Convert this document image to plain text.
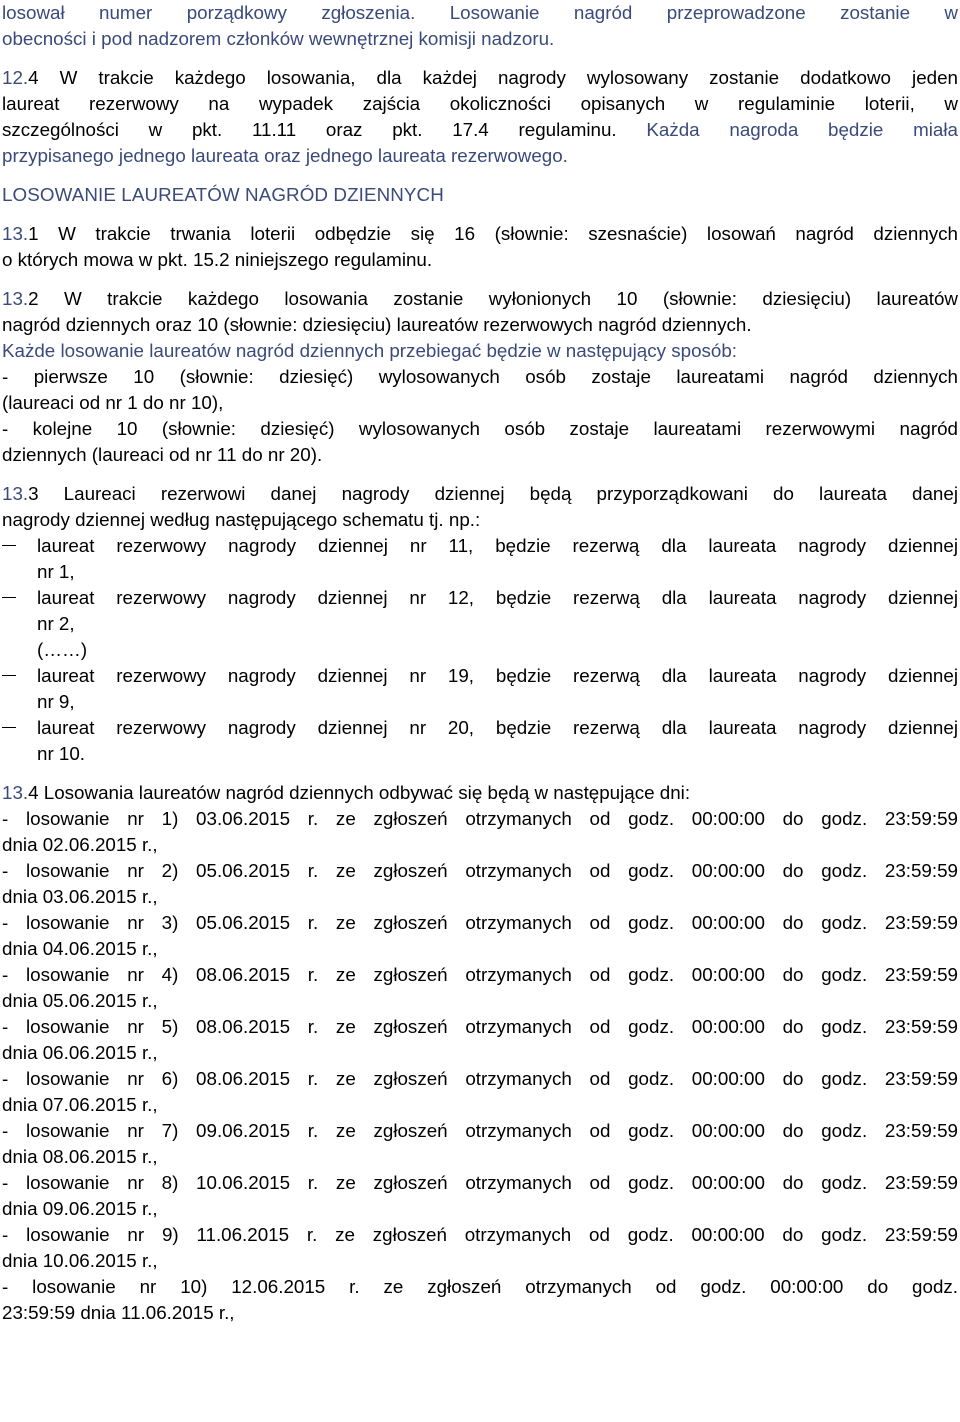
losował numer porządkowy zgłoszenia. Losowanie nagród przeprowadzone zostanie w
obecności i pod nadzorem członków wewnętrznej komisji nadzoru.
12.4 W trakcie każdego losowania, dla każdej nagrody wylosowany zostanie dodatkowo jeden
laureat rezerwowy na wypadek zajścia okoliczności opisanych w regulaminie loterii, w
szczególności w pkt. 11.11 oraz pkt. 17.4 regulaminu. Każda nagroda będzie miała
przypisanego jednego laureata oraz jednego laureata rezerwowego.
LOSOWANIE LAUREATÓW NAGRÓD DZIENNYCH
13.1 W trakcie trwania loterii odbędzie się 16 (słownie: szesnaście) losowań nagród dziennych
o których mowa w pkt. 15.2 niniejszego regulaminu.
13.2 W trakcie każdego losowania zostanie wyłonionych 10 (słownie: dziesięciu) laureatów
nagród dziennych oraz 10 (słownie: dziesięciu) laureatów rezerwowych nagród dziennych.
Każde losowanie laureatów nagród dziennych przebiegać będzie w następujący sposób:
- pierwsze 10 (słownie: dziesięć) wylosowanych osób zostaje laureatami nagród dziennych
(laureaci od nr 1 do nr 10),
- kolejne 10 (słownie: dziesięć) wylosowanych osób zostaje laureatami rezerwowymi nagród
dziennych (laureaci od nr 11 do nr 20).
13.3 Laureaci rezerwowi danej nagrody dziennej będą przyporządkowani do laureata danej
nagrody dziennej według następującego schematu tj. np.:
laureat rezerwowy nagrody dziennej nr 11, będzie rezerwą dla laureata nagrody dziennej
nr 1,
laureat rezerwowy nagrody dziennej nr 12, będzie rezerwą dla laureata nagrody dziennej
nr 2,
(……)
laureat rezerwowy nagrody dziennej nr 19, będzie rezerwą dla laureata nagrody dziennej
nr 9,
laureat rezerwowy nagrody dziennej nr 20, będzie rezerwą dla laureata nagrody dziennej
nr 10.
13.4 Losowania laureatów nagród dziennych odbywać się będą w następujące dni:
- losowanie nr 1) 03.06.2015 r. ze zgłoszeń otrzymanych od godz. 00:00:00 do godz. 23:59:59
dnia 02.06.2015 r.,
- losowanie nr 2) 05.06.2015 r. ze zgłoszeń otrzymanych od godz. 00:00:00 do godz. 23:59:59
dnia 03.06.2015 r.,
- losowanie nr 3) 05.06.2015 r. ze zgłoszeń otrzymanych od godz. 00:00:00 do godz. 23:59:59
dnia 04.06.2015 r.,
- losowanie nr 4) 08.06.2015 r. ze zgłoszeń otrzymanych od godz. 00:00:00 do godz. 23:59:59
dnia 05.06.2015 r.,
- losowanie nr 5) 08.06.2015 r. ze zgłoszeń otrzymanych od godz. 00:00:00 do godz. 23:59:59
dnia 06.06.2015 r.,
- losowanie nr 6) 08.06.2015 r. ze zgłoszeń otrzymanych od godz. 00:00:00 do godz. 23:59:59
dnia 07.06.2015 r.,
- losowanie nr 7) 09.06.2015 r. ze zgłoszeń otrzymanych od godz. 00:00:00 do godz. 23:59:59
dnia 08.06.2015 r.,
- losowanie nr 8) 10.06.2015 r. ze zgłoszeń otrzymanych od godz. 00:00:00 do godz. 23:59:59
dnia 09.06.2015 r.,
- losowanie nr 9) 11.06.2015 r. ze zgłoszeń otrzymanych od godz. 00:00:00 do godz. 23:59:59
dnia 10.06.2015 r.,
- losowanie nr 10) 12.06.2015 r. ze zgłoszeń otrzymanych od godz. 00:00:00 do godz.
23:59:59 dnia 11.06.2015 r.,
